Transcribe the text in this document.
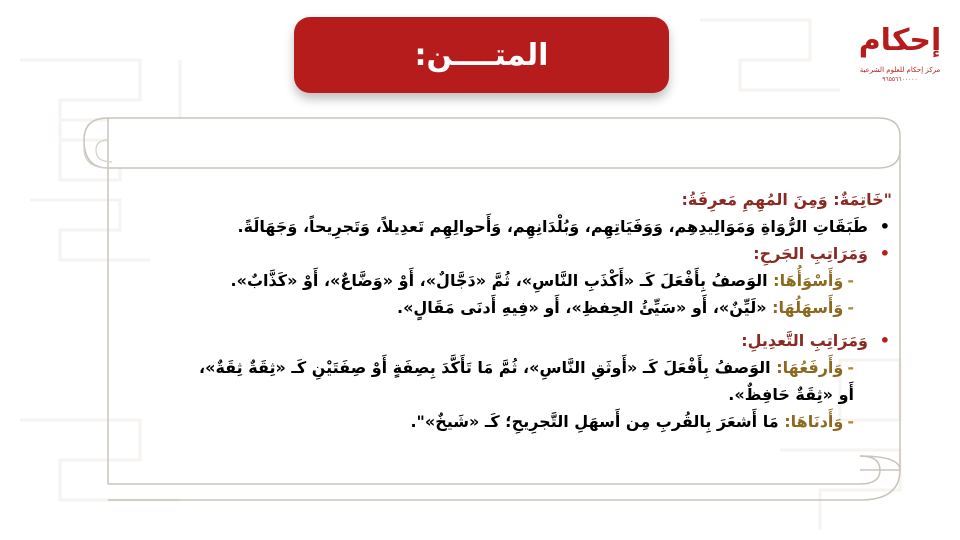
المتــــن:	إحكام
مركز إحكام للعلوم الشرعية
٩٦٥٥٦٦٠٠٠٠٠
"خَاتِمَةٌ: وَمِنَ المُهِمِ مَعرِفَةُ:
•
طَبَقَاتِ الرُّوَاةِ وَمَوَالِيدِهِم، وَوَفَيَاتِهِم، وَبُلْدَانِهِم، وَأَحوالِهِم تَعدِيلاً، وَتَجرِيحاً، وَجَهَالَةً.
•
وَمَرَاتِبِ الجَرحِ:
-وَأَسْوَأُهَا: الوَصفُ بِأَفْعَلَ كَـ «أَكْذَبِ النَّاسِ»، ثُمَّ «دَجَّالٌ»، أَوْ «وَضَّاعٌ»، أَوْ «كَذَّابٌ».
-وَأَسهَلُهَا: «لَيِّنٌ»، أَو «سَيِّئُ الحِفظِ»، أَو «فِيهِ أَدنَى مَقَالٍ».
•
وَمَرَاتِبِ التَّعدِيلِ:
-وَأَرفَعُهَا: الوَصفُ بِأَفْعَلَ كَـ «أَوثَقِ النَّاسِ»، ثُمَّ مَا تَأَكَّدَ بِصِفَةٍ أَوْ صِفَتَيْنِ كَـ «ثِقَةٌ ثِقَةٌ»،
أَو «ثِقَةٌ حَافِظٌ».
-وَأَدنَاهَا: مَا أَشعَرَ بِالقُربِ مِن أَسهَلِ التَّجرِيحِ؛ كَـ «شَيخٌ»".
